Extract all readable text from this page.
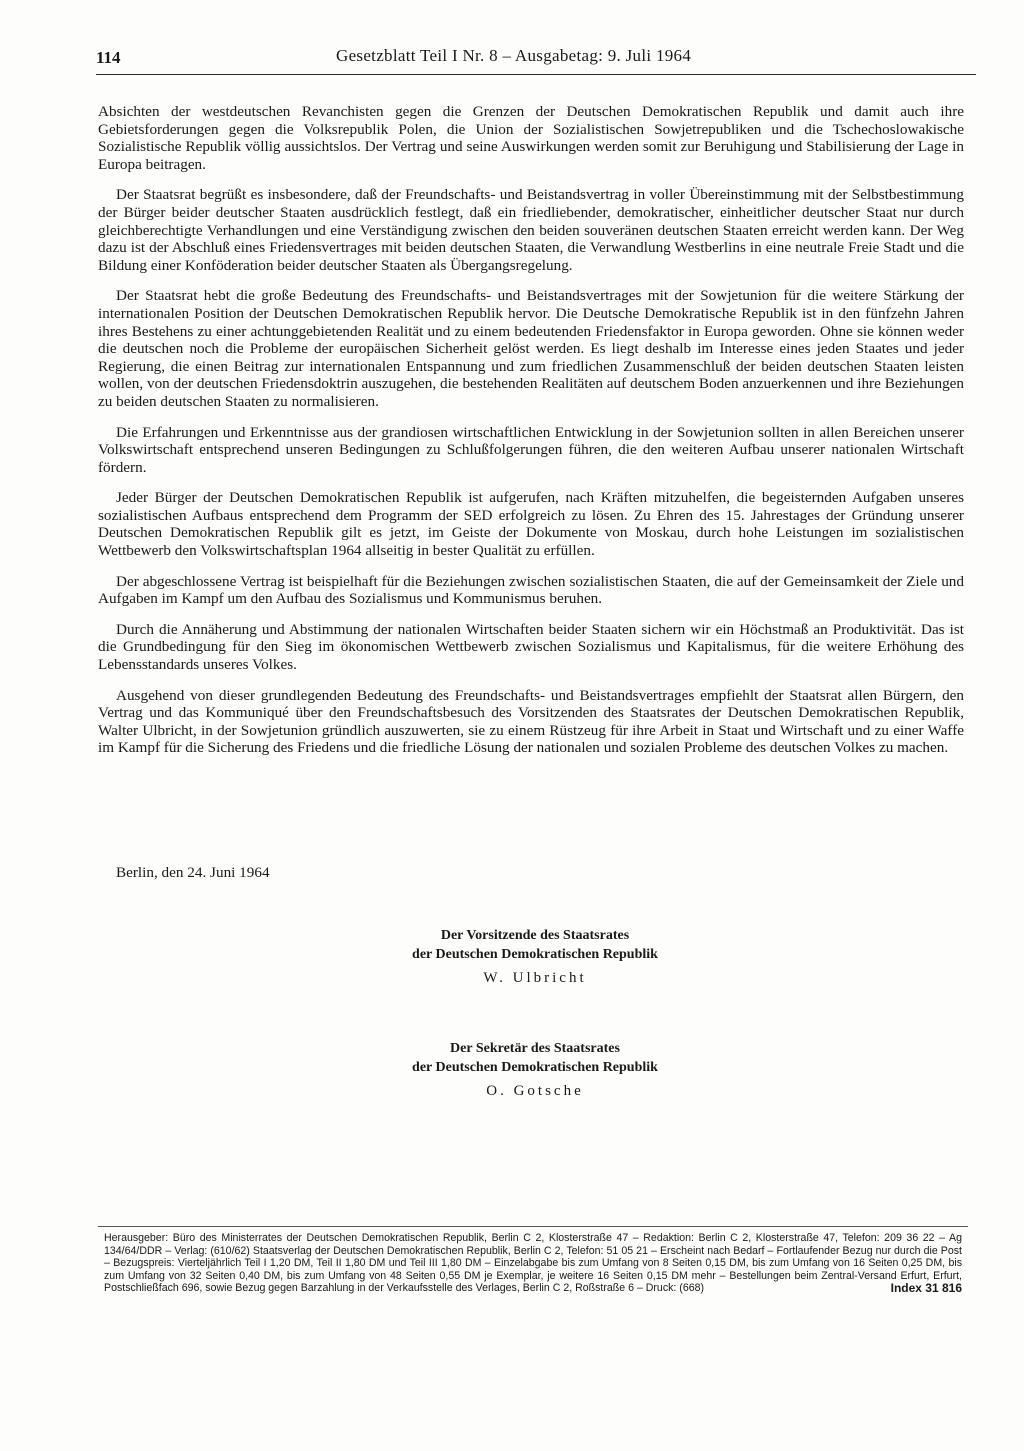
114	Gesetzblatt Teil I Nr. 8 – Ausgabetag: 9. Juli 1964

Absichten der westdeutschen Revanchisten gegen die Grenzen der Deutschen Demokratischen Republik und damit auch ihre Gebietsforderungen gegen die Volksrepublik Polen, die Union der Sozialistischen Sowjetrepubliken und die Tschechoslowakische Sozialistische Republik völlig aussichtslos. Der Vertrag und seine Auswirkungen werden somit zur Beruhigung und Stabilisierung der Lage in Europa beitragen.

Der Staatsrat begrüßt es insbesondere, daß der Freundschafts- und Beistandsvertrag in voller Übereinstimmung mit der Selbstbestimmung der Bürger beider deutscher Staaten ausdrücklich festlegt, daß ein friedliebender, demokratischer, einheitlicher deutscher Staat nur durch gleichberechtigte Verhandlungen und eine Verständigung zwischen den beiden souveränen deutschen Staaten erreicht werden kann. Der Weg dazu ist der Abschluß eines Friedensvertrages mit beiden deutschen Staaten, die Verwandlung Westberlins in eine neutrale Freie Stadt und die Bildung einer Konföderation beider deutscher Staaten als Übergangsregelung.

Der Staatsrat hebt die große Bedeutung des Freundschafts- und Beistandsvertrages mit der Sowjetunion für die weitere Stärkung der internationalen Position der Deutschen Demokratischen Republik hervor. Die Deutsche Demokratische Republik ist in den fünfzehn Jahren ihres Bestehens zu einer achtunggebietenden Realität und zu einem bedeutenden Friedensfaktor in Europa geworden. Ohne sie können weder die deutschen noch die Probleme der europäischen Sicherheit gelöst werden. Es liegt deshalb im Interesse eines jeden Staates und jeder Regierung, die einen Beitrag zur internationalen Entspannung und zum friedlichen Zusammenschluß der beiden deutschen Staaten leisten wollen, von der deutschen Friedensdoktrin auszugehen, die bestehenden Realitäten auf deutschem Boden anzuerkennen und ihre Beziehungen zu beiden deutschen Staaten zu normalisieren.

Die Erfahrungen und Erkenntnisse aus der grandiosen wirtschaftlichen Entwicklung in der Sowjetunion sollten in allen Bereichen unserer Volkswirtschaft entsprechend unseren Bedingungen zu Schlußfolgerungen führen, die den weiteren Aufbau unserer nationalen Wirtschaft fördern.

Jeder Bürger der Deutschen Demokratischen Republik ist aufgerufen, nach Kräften mitzuhelfen, die begeisternden Aufgaben unseres sozialistischen Aufbaus entsprechend dem Programm der SED erfolgreich zu lösen. Zu Ehren des 15. Jahrestages der Gründung unserer Deutschen Demokratischen Republik gilt es jetzt, im Geiste der Dokumente von Moskau, durch hohe Leistungen im sozialistischen Wettbewerb den Volkswirtschaftsplan 1964 allseitig in bester Qualität zu erfüllen.

Der abgeschlossene Vertrag ist beispielhaft für die Beziehungen zwischen sozialistischen Staaten, die auf der Gemeinsamkeit der Ziele und Aufgaben im Kampf um den Aufbau des Sozialismus und Kommunismus beruhen.

Durch die Annäherung und Abstimmung der nationalen Wirtschaften beider Staaten sichern wir ein Höchstmaß an Produktivität. Das ist die Grundbedingung für den Sieg im ökonomischen Wettbewerb zwischen Sozialismus und Kapitalismus, für die weitere Erhöhung des Lebensstandards unseres Volkes.

Ausgehend von dieser grundlegenden Bedeutung des Freundschafts- und Beistandsvertrages empfiehlt der Staatsrat allen Bürgern, den Vertrag und das Kommuniqué über den Freundschaftsbesuch des Vorsitzenden des Staatsrates der Deutschen Demokratischen Republik, Walter Ulbricht, in der Sowjetunion gründlich auszuwerten, sie zu einem Rüstzeug für ihre Arbeit in Staat und Wirtschaft und zu einer Waffe im Kampf für die Sicherung des Friedens und die friedliche Lösung der nationalen und sozialen Probleme des deutschen Volkes zu machen.

Berlin, den 24. Juni 1964
Der Vorsitzende des Staatsrates
der Deutschen Demokratischen Republik
W. Ulbricht
Der Sekretär des Staatsrates
der Deutschen Demokratischen Republik
O. Gotsche
Herausgeber: Büro des Ministerrates der Deutschen Demokratischen Republik, Berlin C 2, Klosterstraße 47 – Redaktion: Berlin C 2, Klosterstraße 47, Telefon: 209 36 22 – Ag 134/64/DDR – Verlag: (610/62) Staatsverlag der Deutschen Demokratischen Republik, Berlin C 2, Telefon: 51 05 21 – Erscheint nach Bedarf – Fortlaufender Bezug nur durch die Post – Bezugspreis: Vierteljährlich Teil I 1,20 DM, Teil II 1,80 DM und Teil III 1,80 DM – Einzelabgabe bis zum Umfang von 8 Seiten 0,15 DM, bis zum Umfang von 16 Seiten 0,25 DM, bis zum Umfang von 32 Seiten 0,40 DM, bis zum Umfang von 48 Seiten 0,55 DM je Exemplar, je weitere 16 Seiten 0,15 DM mehr – Bestellungen beim Zentral-Versand Erfurt, Erfurt, Postschließfach 696, sowie Bezug gegen Barzahlung in der Verkaufsstelle des Verlages, Berlin C 2, Roßstraße 6 – Druck: (668)	Index 31 816
